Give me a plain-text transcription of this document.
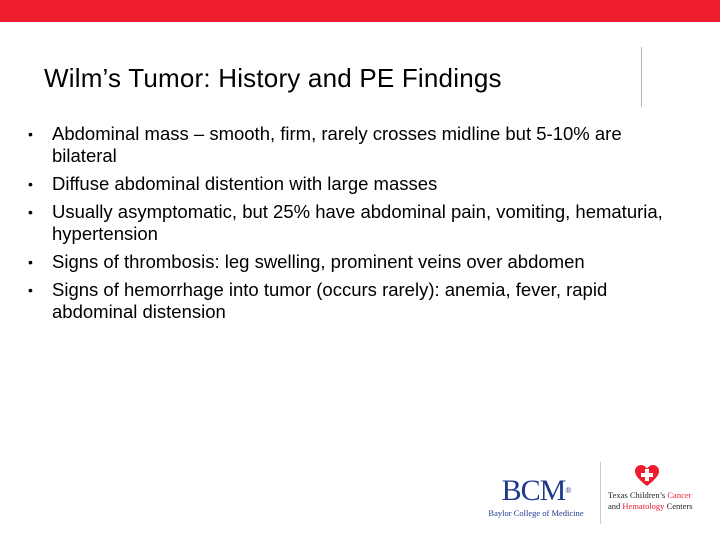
Wilm’s Tumor: History and PE Findings
• Abdominal mass – smooth, firm, rarely crosses midline but 5-10% are bilateral
• Diffuse abdominal distention with large masses
• Usually asymptomatic, but 25% have abdominal pain, vomiting, hematuria, hypertension
• Signs of thrombosis: leg swelling, prominent veins over abdomen
• Signs of hemorrhage into tumor (occurs rarely): anemia, fever, rapid abdominal distension
BCM®
Baylor College of Medicine
Texas Children’s Cancer
and Hematology Centers
